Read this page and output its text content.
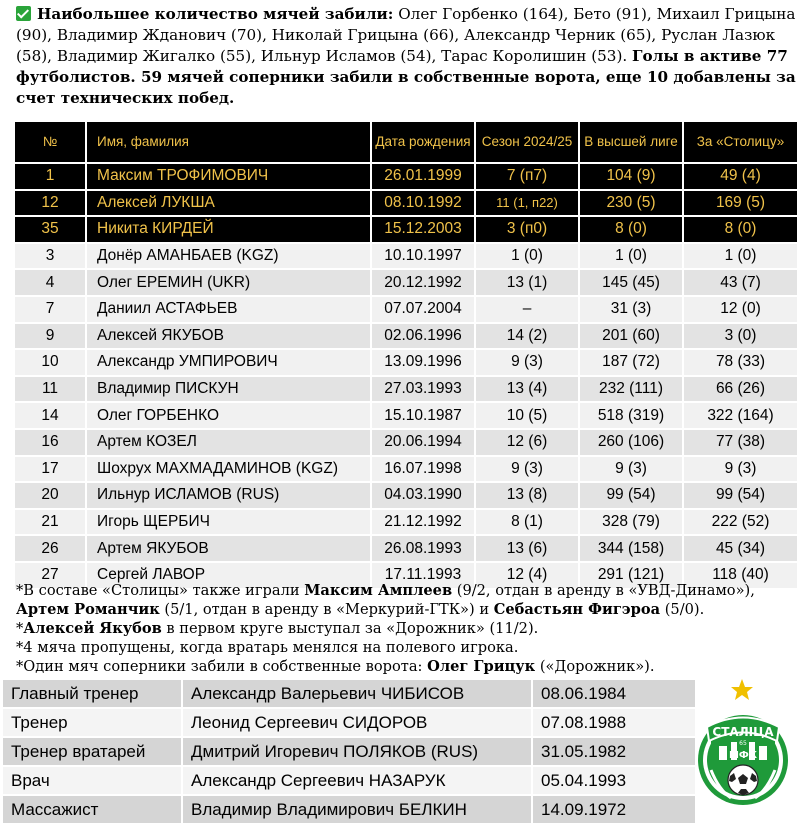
Наибольшее количество мячей забили: Олег Горбенко (164), Бето (91), Михаил Грицына (90), Владимир Жданович (70), Николай Грицына (66), Александр Черник (65), Руслан Лазюк (58), Владимир Жигалко (55), Ильнур Исламов (54), Тарас Королишин (53). Голы в активе 77 футболистов. 59 мячей соперники забили в собственные ворота, еще 10 добавлены за счет технических побед.
№	Имя, фамилия	Дата рождения	Сезон 2024/25	В высшей лиге	За «Столицу»
1	Максим ТРОФИМОВИЧ	26.01.1999	7 (п7)	104 (9)	49 (4)
12	Алексей ЛУКША	08.10.1992	11 (1, п22)	230 (5)	169 (5)
35	Никита КИРДЕЙ	15.12.2003	3 (п0)	8 (0)	8 (0)
3	Донёр АМАНБАЕВ (KGZ)	10.10.1997	1 (0)	1 (0)	1 (0)
4	Олег ЕРЕМИН (UKR)	20.12.1992	13 (1)	145 (45)	43 (7)
7	Даниил АСТАФЬЕВ	07.07.2004	–	31 (3)	12 (0)
9	Алексей ЯКУБОВ	02.06.1996	14 (2)	201 (60)	3 (0)
10	Александр УМПИРОВИЧ	13.09.1996	9 (3)	187 (72)	78 (33)
11	Владимир ПИСКУН	27.03.1993	13 (4)	232 (111)	66 (26)
14	Олег ГОРБЕНКО	15.10.1987	10 (5)	518 (319)	322 (164)
16	Артем КОЗЕЛ	20.06.1994	12 (6)	260 (106)	77 (38)
17	Шохрух МАХМАДАМИНОВ (KGZ)	16.07.1998	9 (3)	9 (3)	9 (3)
20	Ильнур ИСЛАМОВ (RUS)	04.03.1990	13 (8)	99 (54)	99 (54)
21	Игорь ЩЕРБИЧ	21.12.1992	8 (1)	328 (79)	222 (52)
26	Артем ЯКУБОВ	26.08.1993	13 (6)	344 (158)	45 (34)
27	Сергей ЛАВОР	17.11.1993	12 (4)	291 (121)	118 (40)

*В составе «Столицы» также играли Максим Амплеев (9/2, отдан в аренду в «УВД-Динамо»), Артем Романчик (5/1, отдан в аренду в «Меркурий-ГТК») и Себастьян Фигэроа (5/0).

*Алексей Якубов в первом круге выступал за «Дорожник» (11/2).

*4 мяча пропущены, когда вратарь менялся на полевого игрока.

*Один мяч соперники забили в собственные ворота: Олег Грицук («Дорожник»).

Главный тренер	Александр Валерьевич ЧИБИСОВ	08.06.1984
Тренер	Леонид Сергеевич СИДОРОВ	07.08.1988
Тренер вратарей	Дмитрий Игоревич ПОЛЯКОВ (RUS)	31.05.1982
Врач	Александр Сергеевич НАЗАРУК	05.04.1993
Массажист	Владимир Владимирович БЕЛКИН	14.09.1972
СТАЛІЦА
МФК
65
